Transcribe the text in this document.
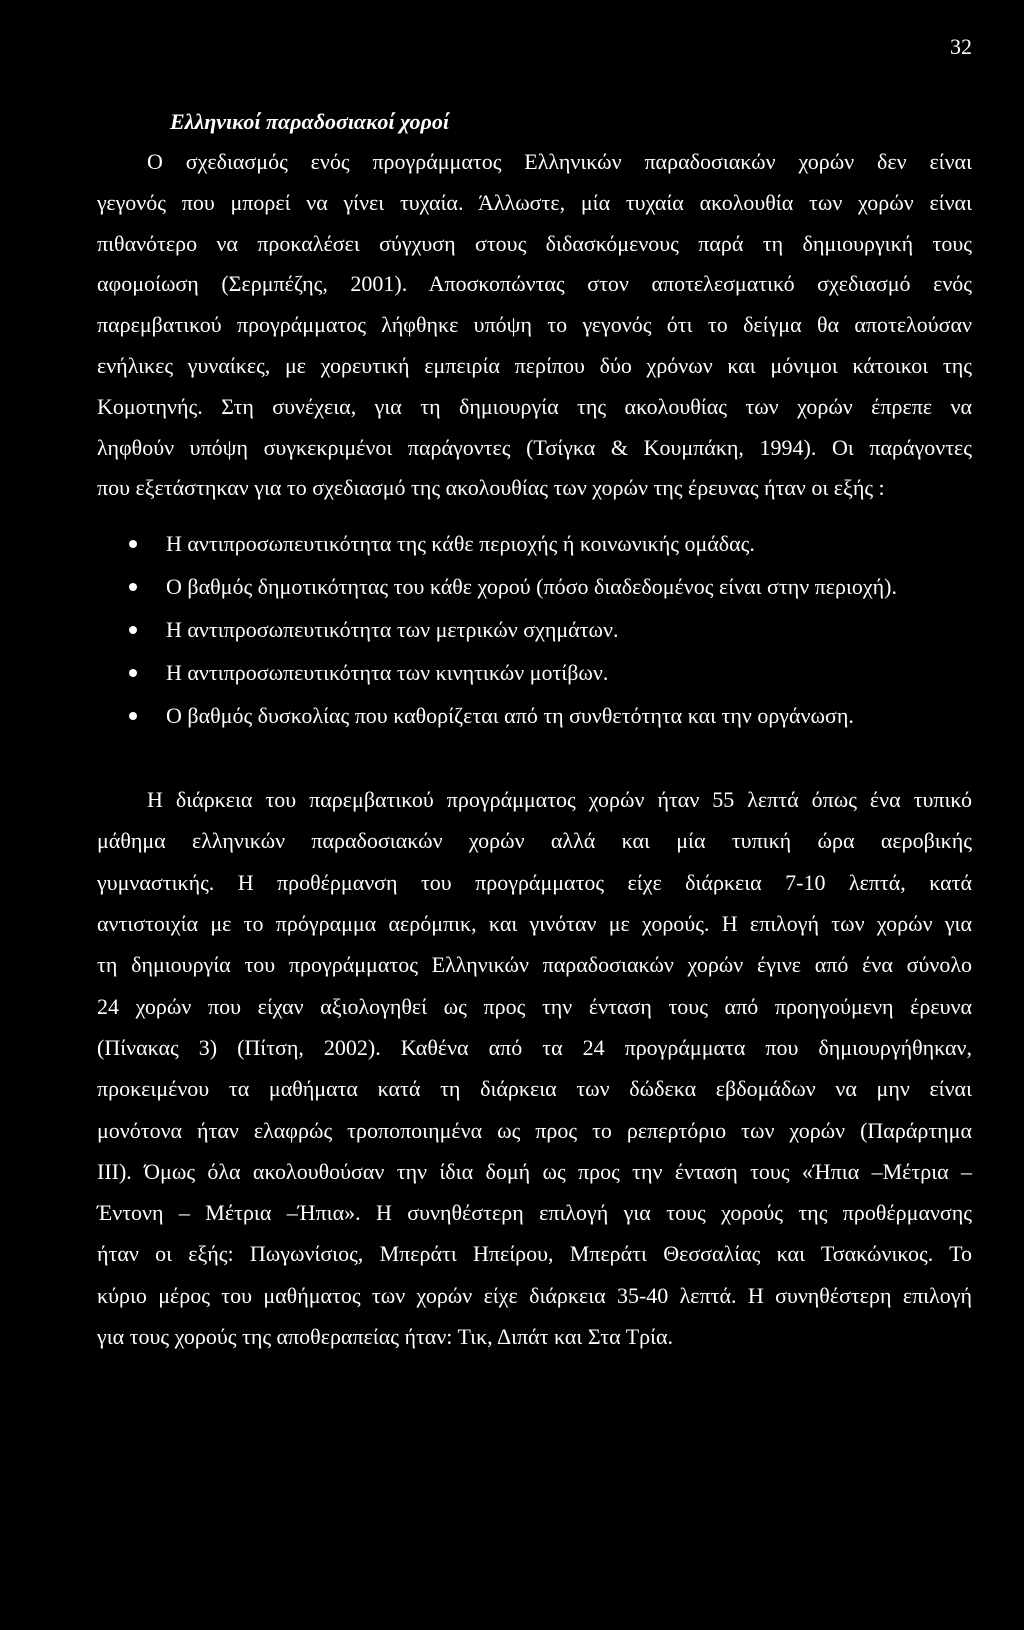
32
Ελληνικοί παραδοσιακοί χοροί
Ο σχεδιασμός ενός προγράμματος Ελληνικών παραδοσιακών χορών δεν είναι
γεγονός που μπορεί να γίνει τυχαία. Άλλωστε, μία τυχαία ακολουθία των χορών είναι
πιθανότερο να προκαλέσει σύγχυση στους διδασκόμενους παρά τη δημιουργική τους
αφομοίωση (Σερμπέζης, 2001). Αποσκοπώντας στον αποτελεσματικό σχεδιασμό ενός
παρεμβατικού προγράμματος λήφθηκε υπόψη το γεγονός ότι το δείγμα θα αποτελούσαν
ενήλικες γυναίκες, με χορευτική εμπειρία περίπου δύο χρόνων και μόνιμοι κάτοικοι της
Κομοτηνής. Στη συνέχεια, για τη δημιουργία της ακολουθίας των χορών έπρεπε να
ληφθούν υπόψη συγκεκριμένοι παράγοντες (Τσίγκα & Κουμπάκη, 1994). Οι παράγοντες
που εξετάστηκαν για το σχεδιασμό της ακολουθίας των χορών της έρευνας ήταν οι εξής :
Η αντιπροσωπευτικότητα της κάθε περιοχής ή κοινωνικής ομάδας.
Ο βαθμός δημοτικότητας του κάθε χορού (πόσο διαδεδομένος είναι στην περιοχή).
Η αντιπροσωπευτικότητα των μετρικών σχημάτων.
Η αντιπροσωπευτικότητα των κινητικών μοτίβων.
Ο βαθμός δυσκολίας που καθορίζεται από τη συνθετότητα και την οργάνωση.
Η διάρκεια του παρεμβατικού προγράμματος χορών ήταν 55 λεπτά όπως ένα τυπικό
μάθημα ελληνικών παραδοσιακών χορών αλλά και μία τυπική ώρα αεροβικής
γυμναστικής. Η προθέρμανση του προγράμματος είχε διάρκεια 7-10 λεπτά, κατά
αντιστοιχία με το πρόγραμμα αερόμπικ, και γινόταν με χορούς. Η επιλογή των χορών για
τη δημιουργία του προγράμματος Ελληνικών παραδοσιακών χορών έγινε από ένα σύνολο
24 χορών που είχαν αξιολογηθεί ως προς την ένταση τους από προηγούμενη έρευνα
(Πίνακας 3) (Πίτση, 2002). Καθένα από τα 24 προγράμματα που δημιουργήθηκαν,
προκειμένου τα μαθήματα κατά τη διάρκεια των δώδεκα εβδομάδων να μην είναι
μονότονα ήταν ελαφρώς τροποποιημένα ως προς το ρεπερτόριο των χορών (Παράρτημα
III). Όμως όλα ακολουθούσαν την ίδια δομή ως προς την ένταση τους «Ήπια –Μέτρια –
Έντονη – Μέτρια –Ήπια». Η συνηθέστερη επιλογή για τους χορούς της προθέρμανσης
ήταν οι εξής: Πωγωνίσιος, Μπεράτι Ηπείρου, Μπεράτι Θεσσαλίας και Τσακώνικος. Το
κύριο μέρος του μαθήματος των χορών είχε διάρκεια 35-40 λεπτά. Η συνηθέστερη επιλογή
για τους χορούς της αποθεραπείας ήταν: Τικ, Διπάτ και Στα Τρία.
